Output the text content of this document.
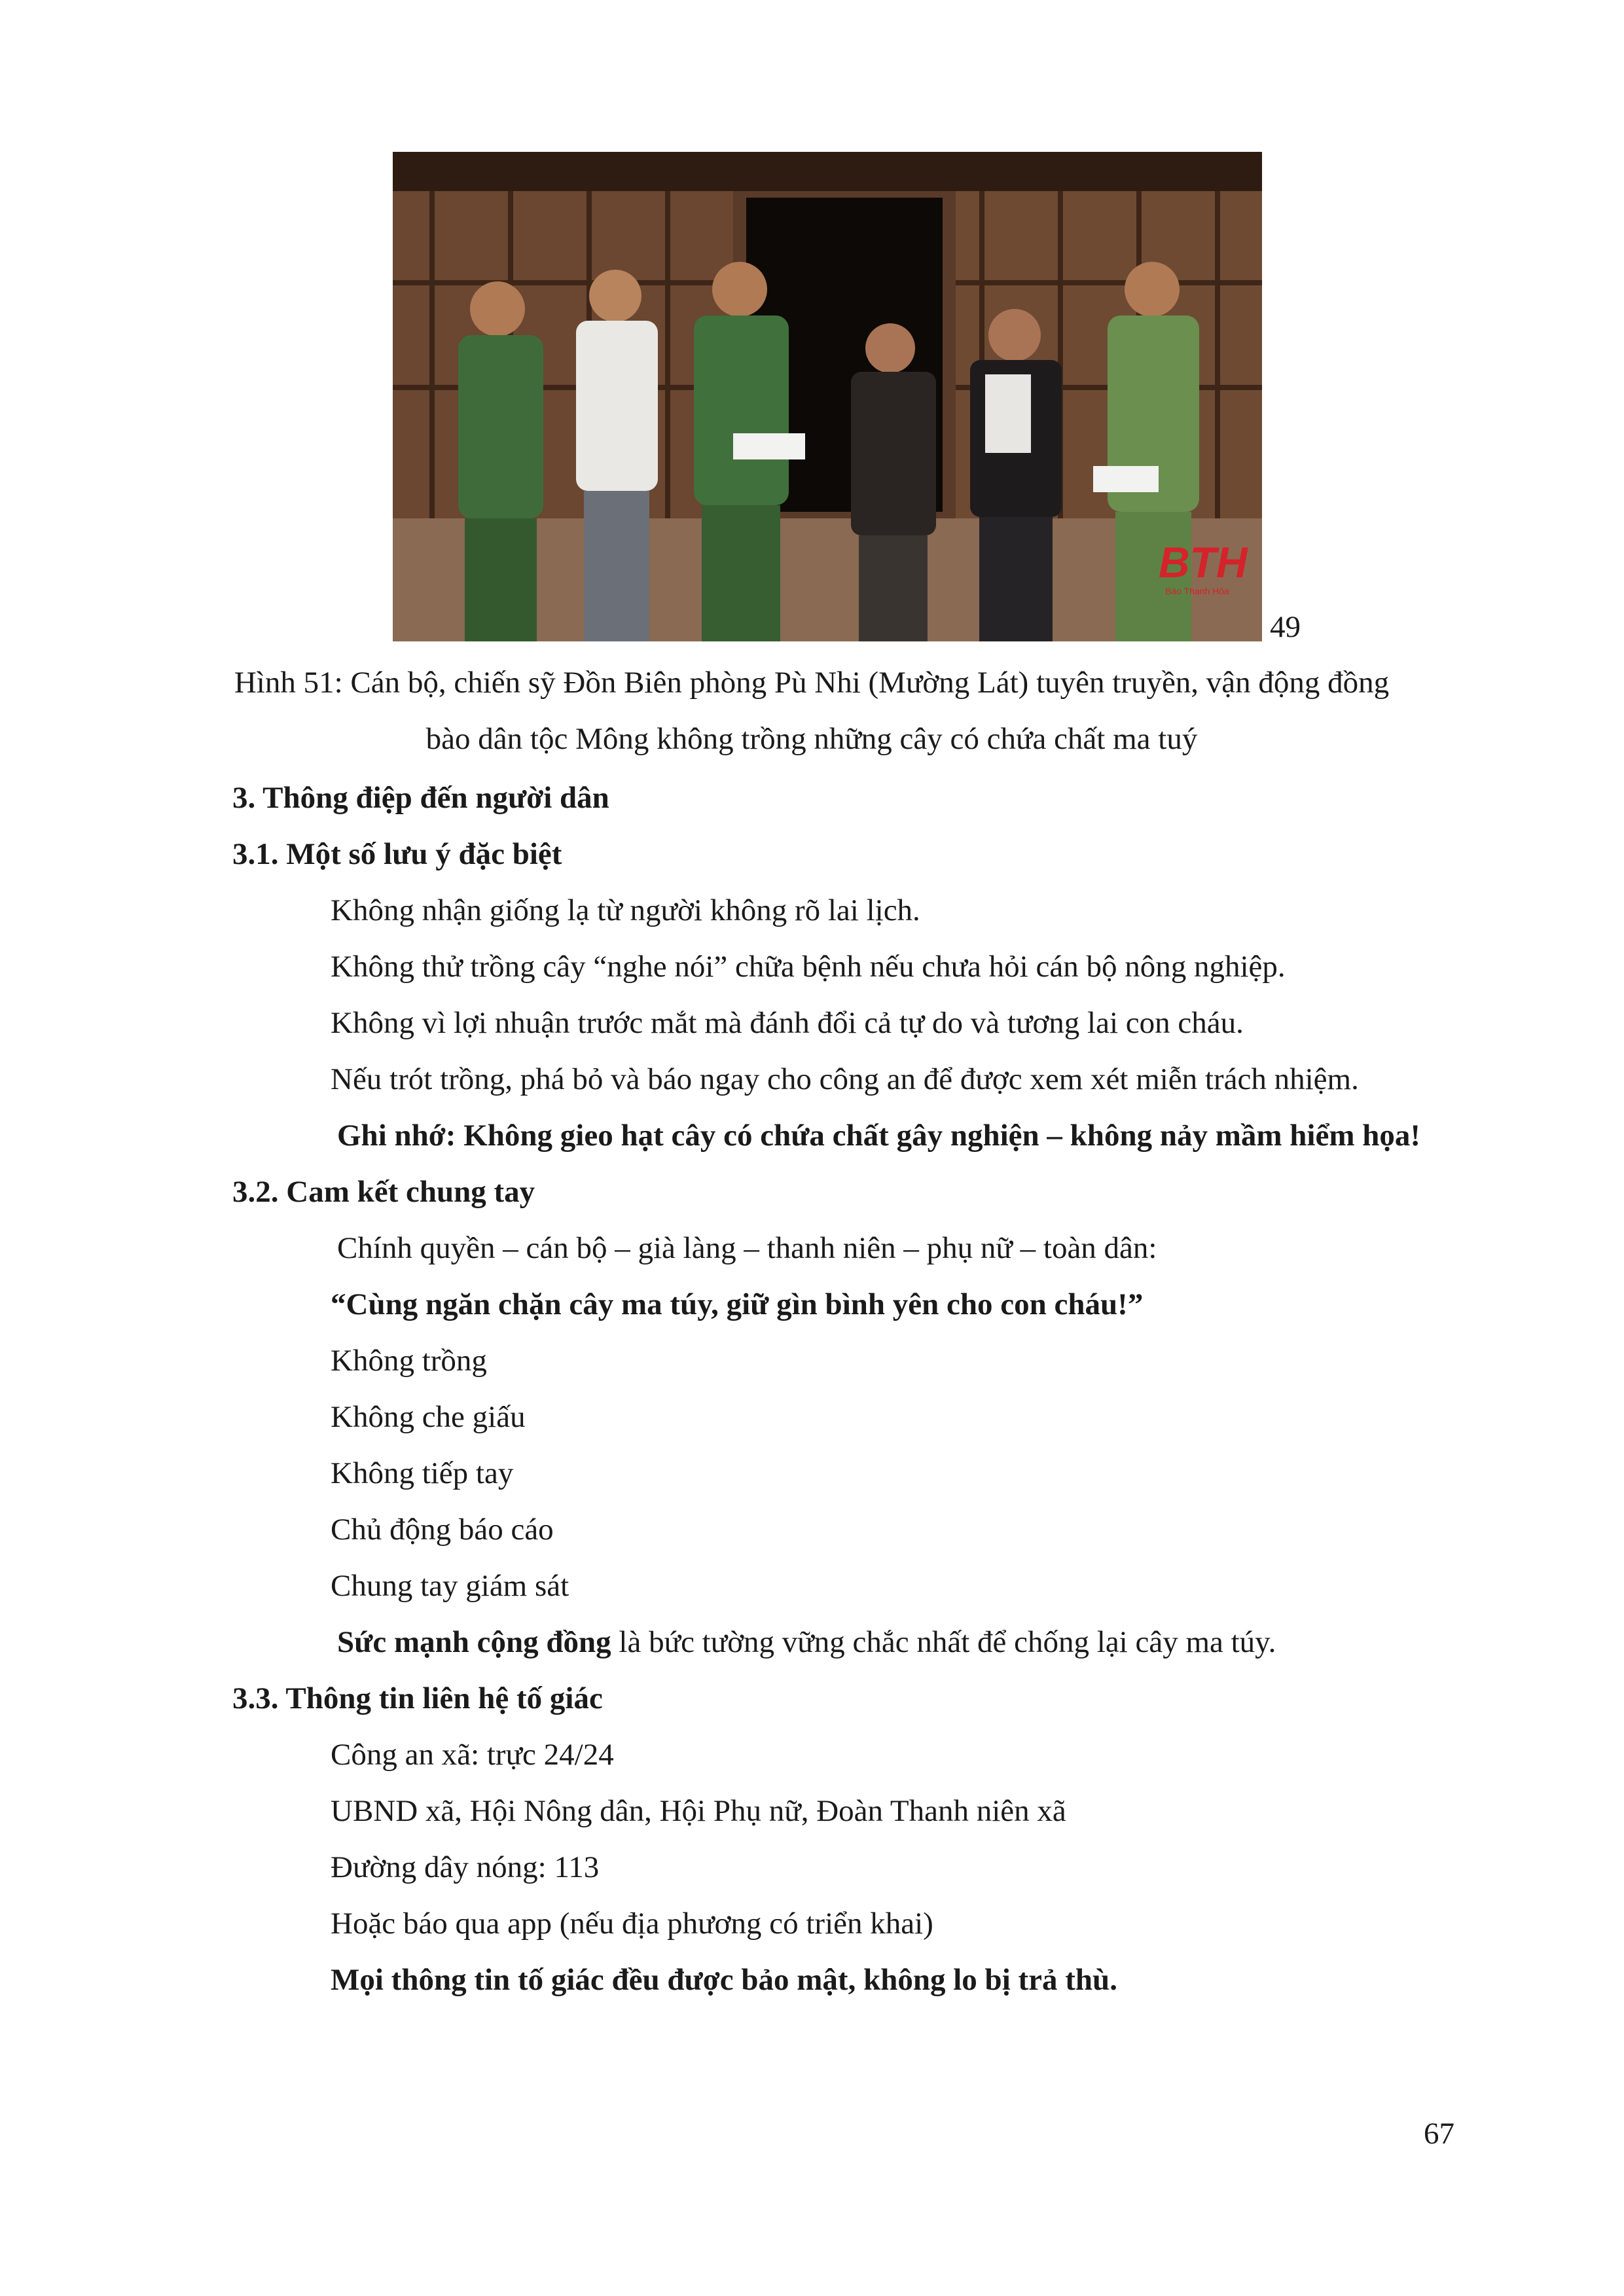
BTH
Báo Thanh Hóa
49
Hình 51: Cán bộ, chiến sỹ Đồn Biên phòng Pù Nhi (Mường Lát) tuyên truyền, vận động đồng
bào dân tộc Mông không trồng những cây có chứa chất ma tuý
3. Thông điệp đến người dân
3.1. Một số lưu ý đặc biệt
Không nhận giống lạ từ người không rõ lai lịch.
Không thử trồng cây “nghe nói” chữa bệnh nếu chưa hỏi cán bộ nông nghiệp.
Không vì lợi nhuận trước mắt mà đánh đổi cả tự do và tương lai con cháu.
Nếu trót trồng, phá bỏ và báo ngay cho công an để được xem xét miễn trách nhiệm.
Ghi nhớ: Không gieo hạt cây có chứa chất gây nghiện – không nảy mầm hiểm họa!
3.2. Cam kết chung tay
Chính quyền – cán bộ – già làng – thanh niên – phụ nữ – toàn dân:
“Cùng ngăn chặn cây ma túy, giữ gìn bình yên cho con cháu!”
Không trồng
Không che giấu
Không tiếp tay
Chủ động báo cáo
Chung tay giám sát
Sức mạnh cộng đồng là bức tường vững chắc nhất để chống lại cây ma túy.
3.3. Thông tin liên hệ tố giác
Công an xã: trực 24/24
UBND xã, Hội Nông dân, Hội Phụ nữ, Đoàn Thanh niên xã
Đường dây nóng: 113
Hoặc báo qua app (nếu địa phương có triển khai)
Mọi thông tin tố giác đều được bảo mật, không lo bị trả thù.
67
